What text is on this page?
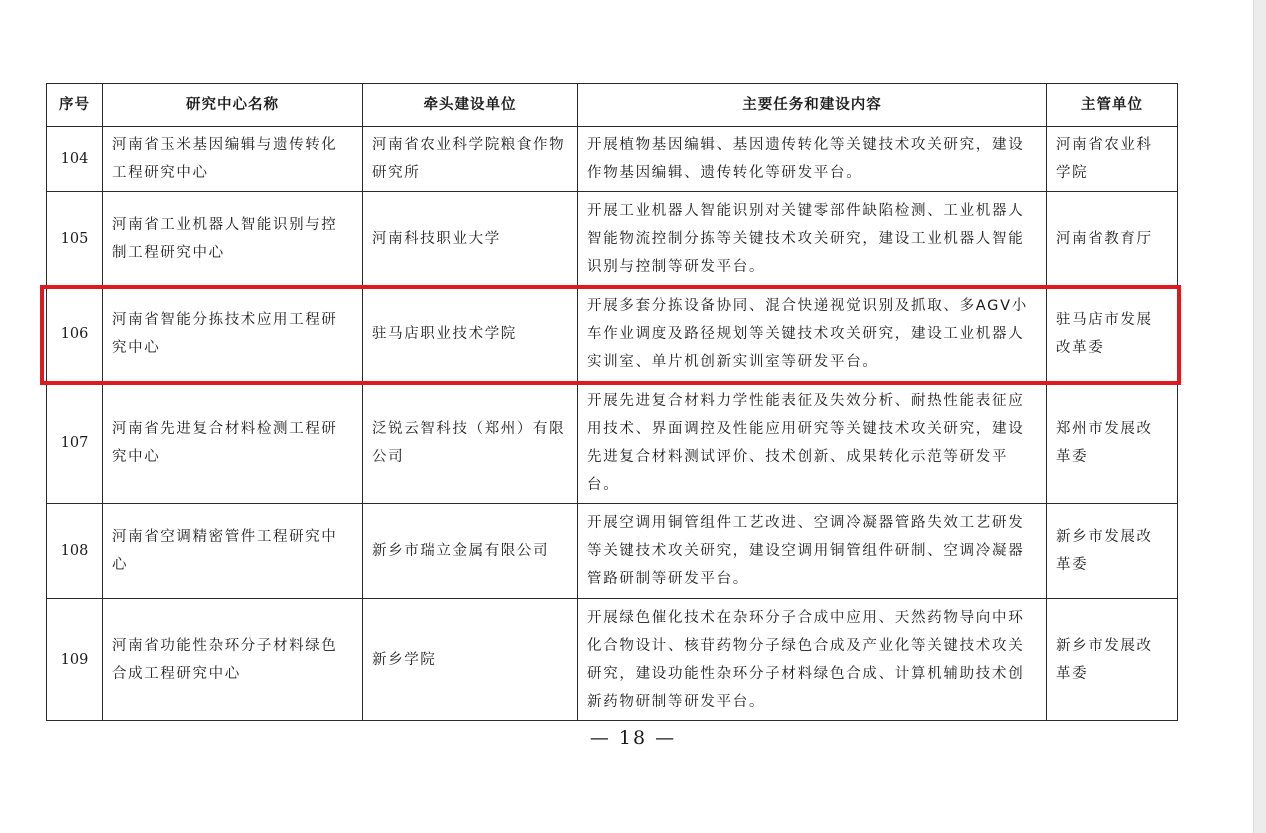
序号	研究中心名称	牵头建设单位	主要任务和建设内容	主管单位
104	河南省玉米基因编辑与遗传转化工程研究中心	河南省农业科学院粮食作物研究所	开展植物基因编辑、基因遗传转化等关键技术攻关研究，建设作物基因编辑、遗传转化等研发平台。	河南省农业科学院
105	河南省工业机器人智能识别与控制工程研究中心	河南科技职业大学	开展工业机器人智能识别对关键零部件缺陷检测、工业机器人智能物流控制分拣等关键技术攻关研究，建设工业机器人智能识别与控制等研发平台。	河南省教育厅
106	河南省智能分拣技术应用工程研究中心	驻马店职业技术学院	开展多套分拣设备协同、混合快递视觉识别及抓取、多AGV小车作业调度及路径规划等关键技术攻关研究，建设工业机器人实训室、单片机创新实训室等研发平台。	驻马店市发展改革委
107	河南省先进复合材料检测工程研究中心	泛锐云智科技（郑州）有限公司	开展先进复合材料力学性能表征及失效分析、耐热性能表征应用技术、界面调控及性能应用研究等关键技术攻关研究，建设先进复合材料测试评价、技术创新、成果转化示范等研发平台。	郑州市发展改革委
108	河南省空调精密管件工程研究中心	新乡市瑞立金属有限公司	开展空调用铜管组件工艺改进、空调冷凝器管路失效工艺研发等关键技术攻关研究，建设空调用铜管组件研制、空调冷凝器管路研制等研发平台。	新乡市发展改革委
109	河南省功能性杂环分子材料绿色合成工程研究中心	新乡学院	开展绿色催化技术在杂环分子合成中应用、天然药物导向中环化合物设计、核苷药物分子绿色合成及产业化等关键技术攻关研究，建设功能性杂环分子材料绿色合成、计算机辅助技术创新药物研制等研发平台。	新乡市发展改革委
— 18 —
